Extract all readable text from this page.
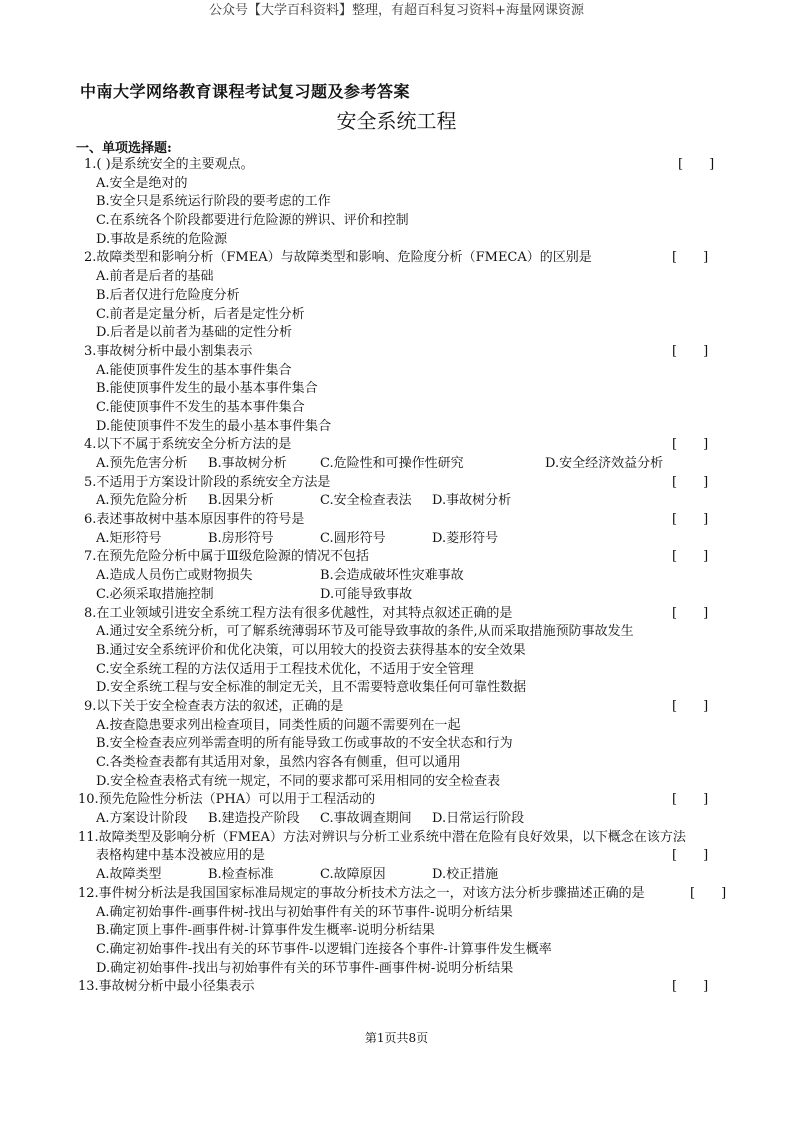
公众号【大学百科资料】整理，有超百科复习资料+海量网课资源
中南大学网络教育课程考试复习题及参考答案
安全系统工程
一、单项选择题:
1.( )是系统安全的主要观点。	[　　]
A.安全是绝对的
B.安全只是系统运行阶段的要考虑的工作
C.在系统各个阶段都要进行危险源的辨识、评价和控制
D.事故是系统的危险源
2.故障类型和影响分析（FMEA）与故障类型和影响、危险度分析（FMECA）的区别是	[　　]
A.前者是后者的基础
B.后者仅进行危险度分析
C.前者是定量分析，后者是定性分析
D.后者是以前者为基础的定性分析
3.事故树分析中最小割集表示	[　　]
A.能使顶事件发生的基本事件集合
B.能使顶事件发生的最小基本事件集合
C.能使顶事件不发生的基本事件集合
D.能使顶事件不发生的最小基本事件集合
4.以下不属于系统安全分析方法的是	[　　]
A.预先危害分析 B.事故树分析	C.危险性和可操作性研究	D.安全经济效益分析
5.不适用于方案设计阶段的系统安全方法是	[　　]
A.预先危险分析 B.因果分析	C.安全检查表法 D.事故树分析
6.表述事故树中基本原因事件的符号是	[　　]
A.矩形符号	B.房形符号	C.圆形符号	D.菱形符号
7.在预先危险分析中属于Ⅲ级危险源的情况不包括	[　　]
A.造成人员伤亡或财物损失	B.会造成破坏性灾难事故
C.必须采取措施控制	D.可能导致事故
8.在工业领域引进安全系统工程方法有很多优越性，对其特点叙述正确的是	[　　]
A.通过安全系统分析，可了解系统薄弱环节及可能导致事故的条件,从而采取措施预防事故发生
B.通过安全系统评价和优化决策，可以用较大的投资去获得基本的安全效果
C.安全系统工程的方法仅适用于工程技术优化，不适用于安全管理
D.安全系统工程与安全标准的制定无关，且不需要特意收集任何可靠性数据
9.以下关于安全检查表方法的叙述，正确的是	[　　]
A.按查隐患要求列出检查项目，同类性质的问题不需要列在一起
B.安全检查表应列举需查明的所有能导致工伤或事故的不安全状态和行为
C.各类检查表都有其适用对象，虽然内容各有侧重，但可以通用
D.安全检查表格式有统一规定，不同的要求都可采用相同的安全检查表
10.预先危险性分析法（PHA）可以用于工程活动的	[　　]
A.方案设计阶段 B.建造投产阶段 C.事故调查期间 D.日常运行阶段
11.故障类型及影响分析（FMEA）方法对辨识与分析工业系统中潜在危险有良好效果，以下概念在该方法
表格构建中基本没被应用的是	[　　]
A.故障类型	B.检查标准	C.故障原因	D.校正措施
12.事件树分析法是我国国家标准局规定的事故分析技术方法之一，对该方法分析步骤描述正确的是	[　　]
A.确定初始事件-画事件树-找出与初始事件有关的环节事件-说明分析结果
B.确定顶上事件-画事件树-计算事件发生概率-说明分析结果
C.确定初始事件-找出有关的环节事件-以逻辑门连接各个事件-计算事件发生概率
D.确定初始事件-找出与初始事件有关的环节事件-画事件树-说明分析结果
13.事故树分析中最小径集表示	[　　]
第1页共8页
